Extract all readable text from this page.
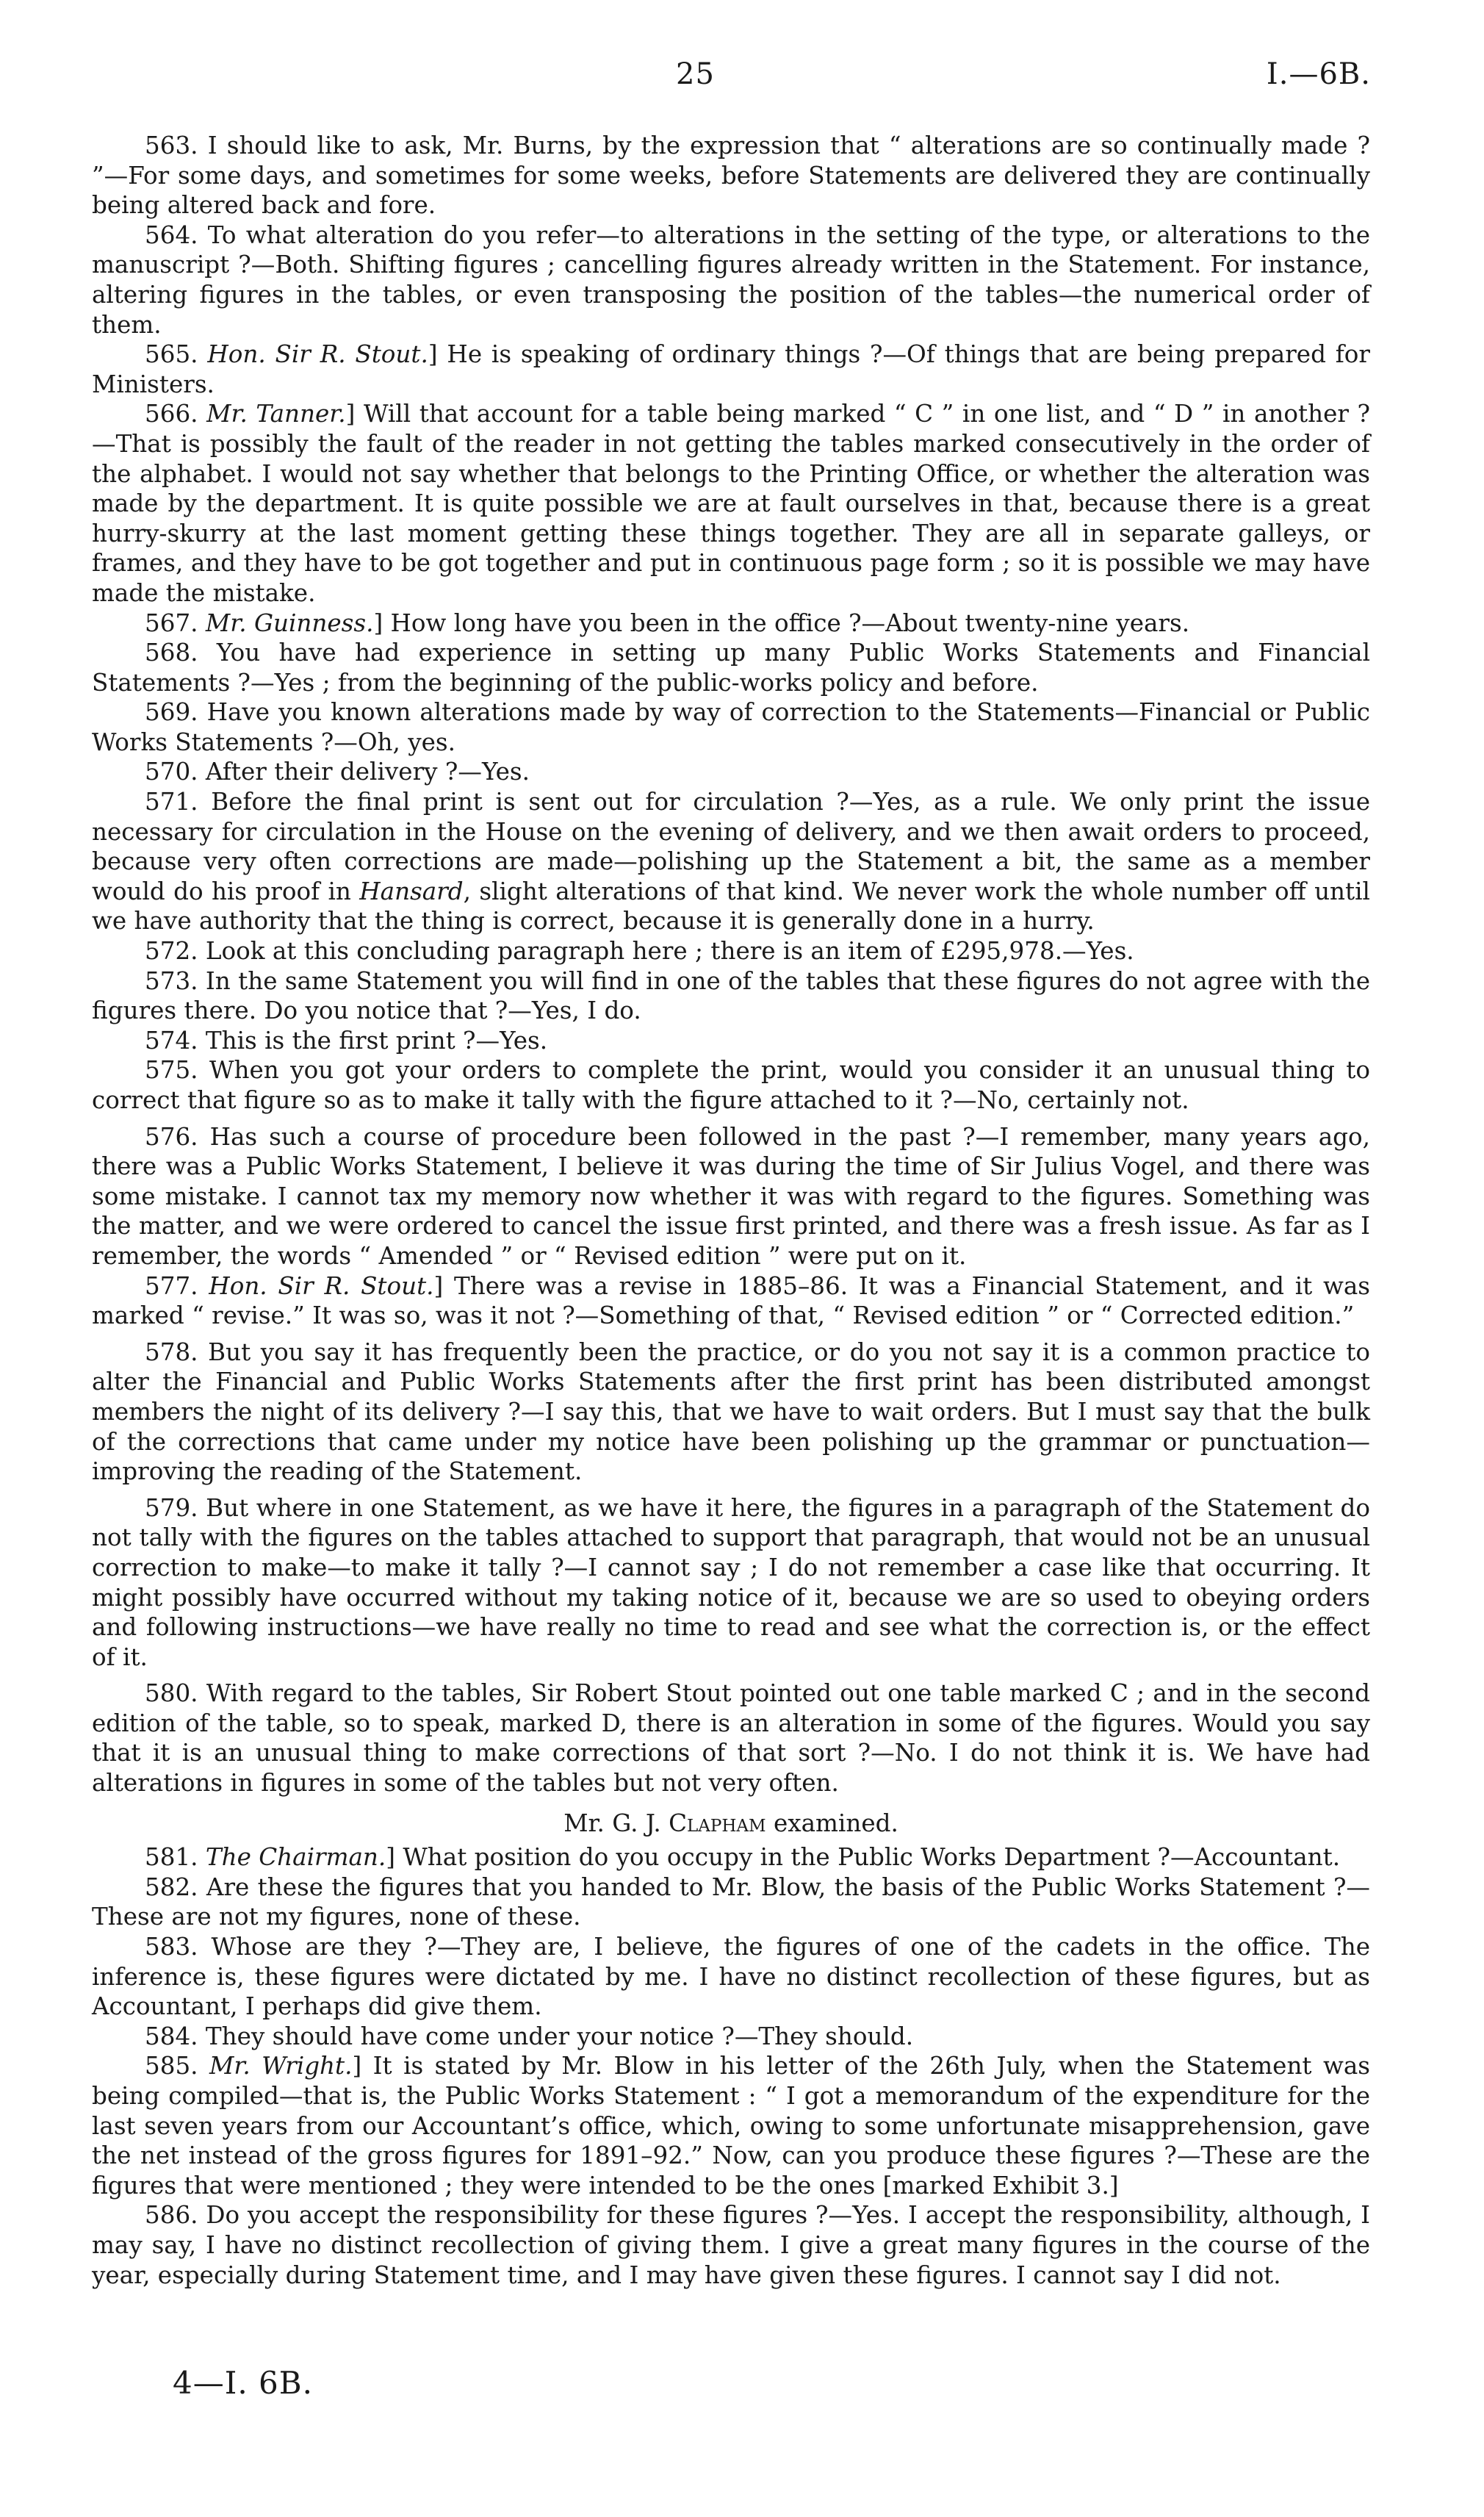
25	I.—6B.

563. I should like to ask, Mr. Burns, by the expression that “ alterations are so continually made ? ”—For some days, and sometimes for some weeks, before Statements are delivered they are continually being altered back and fore.

564. To what alteration do you refer—to alterations in the setting of the type, or alterations to the manuscript ?—Both. Shifting figures ; cancelling figures already written in the Statement. For instance, altering figures in the tables, or even transposing the position of the tables—the numerical order of them.

565. Hon. Sir R. Stout.] He is speaking of ordinary things ?—Of things that are being prepared for Ministers.

566. Mr. Tanner.] Will that account for a table being marked “ C ” in one list, and “ D ” in another ?—That is possibly the fault of the reader in not getting the tables marked consecutively in the order of the alphabet. I would not say whether that belongs to the Printing Office, or whether the alteration was made by the department. It is quite possible we are at fault ourselves in that, because there is a great hurry-skurry at the last moment getting these things together. They are all in separate galleys, or frames, and they have to be got together and put in continuous page form ; so it is possible we may have made the mistake.

567. Mr. Guinness.] How long have you been in the office ?—About twenty-nine years.

568. You have had experience in setting up many Public Works Statements and Financial Statements ?—Yes ; from the beginning of the public-works policy and before.

569. Have you known alterations made by way of correction to the Statements—Financial or Public Works Statements ?—Oh, yes.

570. After their delivery ?—Yes.

571. Before the final print is sent out for circulation ?—Yes, as a rule. We only print the issue necessary for circulation in the House on the evening of delivery, and we then await orders to proceed, because very often corrections are made—polishing up the Statement a bit, the same as a member would do his proof in Hansard, slight alterations of that kind. We never work the whole number off until we have authority that the thing is correct, because it is generally done in a hurry.

572. Look at this concluding paragraph here ; there is an item of £295,978.—Yes.

573. In the same Statement you will find in one of the tables that these figures do not agree with the figures there. Do you notice that ?—Yes, I do.

574. This is the first print ?—Yes.

575. When you got your orders to complete the print, would you consider it an unusual thing to correct that figure so as to make it tally with the figure attached to it ?—No, certainly not.

576. Has such a course of procedure been followed in the past ?—I remember, many years ago, there was a Public Works Statement, I believe it was during the time of Sir Julius Vogel, and there was some mistake. I cannot tax my memory now whether it was with regard to the figures. Something was the matter, and we were ordered to cancel the issue first printed, and there was a fresh issue. As far as I remember, the words “ Amended ” or “ Revised edition ” were put on it.

577. Hon. Sir R. Stout.] There was a revise in 1885–86. It was a Financial Statement, and it was marked “ revise.” It was so, was it not ?—Something of that, “ Revised edition ” or “ Corrected edition.”

578. But you say it has frequently been the practice, or do you not say it is a common practice to alter the Financial and Public Works Statements after the first print has been distributed amongst members the night of its delivery ?—I say this, that we have to wait orders. But I must say that the bulk of the corrections that came under my notice have been polishing up the grammar or punctuation—improving the reading of the Statement.

579. But where in one Statement, as we have it here, the figures in a paragraph of the Statement do not tally with the figures on the tables attached to support that paragraph, that would not be an unusual correction to make—to make it tally ?—I cannot say ; I do not remember a case like that occurring. It might possibly have occurred without my taking notice of it, because we are so used to obeying orders and following instructions—we have really no time to read and see what the correction is, or the effect of it.

580. With regard to the tables, Sir Robert Stout pointed out one table marked C ; and in the second edition of the table, so to speak, marked D, there is an alteration in some of the figures. Would you say that it is an unusual thing to make corrections of that sort ?—No. I do not think it is. We have had alterations in figures in some of the tables but not very often.

Mr. G. J. Clapham examined.

581. The Chairman.] What position do you occupy in the Public Works Department ?—Accountant.

582. Are these the figures that you handed to Mr. Blow, the basis of the Public Works Statement ?—These are not my figures, none of these.

583. Whose are they ?—They are, I believe, the figures of one of the cadets in the office. The inference is, these figures were dictated by me. I have no distinct recollection of these figures, but as Accountant, I perhaps did give them.

584. They should have come under your notice ?—They should.

585. Mr. Wright.] It is stated by Mr. Blow in his letter of the 26th July, when the Statement was being compiled—that is, the Public Works Statement : “ I got a memorandum of the expenditure for the last seven years from our Accountant’s office, which, owing to some unfortunate misapprehension, gave the net instead of the gross figures for 1891–92.” Now, can you produce these figures ?—These are the figures that were mentioned ; they were intended to be the ones [marked Exhibit 3.]

586. Do you accept the responsibility for these figures ?—Yes. I accept the responsibility, although, I may say, I have no distinct recollection of giving them. I give a great many figures in the course of the year, especially during Statement time, and I may have given these figures. I cannot say I did not.

4—I. 6B.
